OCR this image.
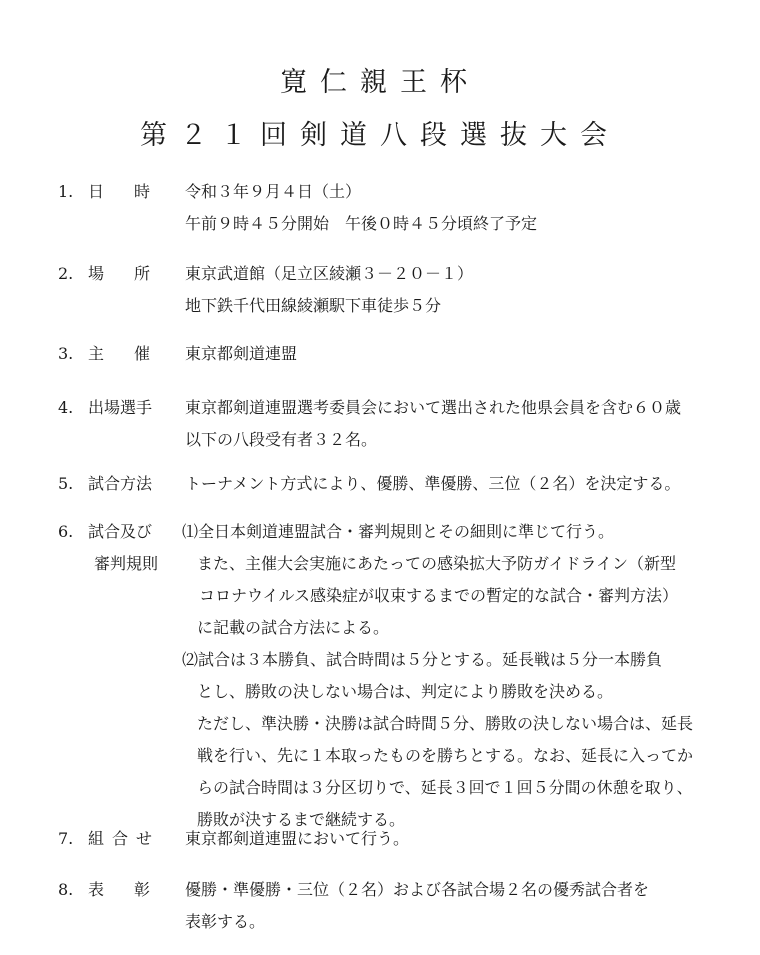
寛仁親王杯
第２１回剣道八段選抜大会
1. 日 時 令和３年９月４日（土）
午前９時４５分開始　午後０時４５分頃終了予定
2. 場 所 東京武道館（足立区綾瀬３－２０－１）
地下鉄千代田線綾瀬駅下車徒歩５分
3. 主 催 東京都剣道連盟
4. 出場選手	東京都剣道連盟選考委員会において選出された他県会員を含む６０歳
以下の八段受有者３２名。
5. 試合方法	トーナメント方式により、優勝、準優勝、三位（２名）を決定する。
6. 試合及び
審判規則
⑴全日本剣道連盟試合・審判規則とその細則に準じて行う。
また、主催大会実施にあたっての感染拡大予防ガイドライン（新型
コロナウイルス感染症が収束するまでの暫定的な試合・審判方法）
に記載の試合方法による。
⑵試合は３本勝負、試合時間は５分とする。延長戦は５分一本勝負
とし、勝敗の決しない場合は、判定により勝敗を決める。
ただし、準決勝・決勝は試合時間５分、勝敗の決しない場合は、延長
戦を行い、先に１本取ったものを勝ちとする。なお、延長に入ってか
らの試合時間は３分区切りで、延長３回で１回５分間の休憩を取り、
勝敗が決するまで継続する。
7. 組 合 せ 東京都剣道連盟において行う。
8. 表 彰 優勝・準優勝・三位（２名）および各試合場２名の優秀試合者を
表彰する。
